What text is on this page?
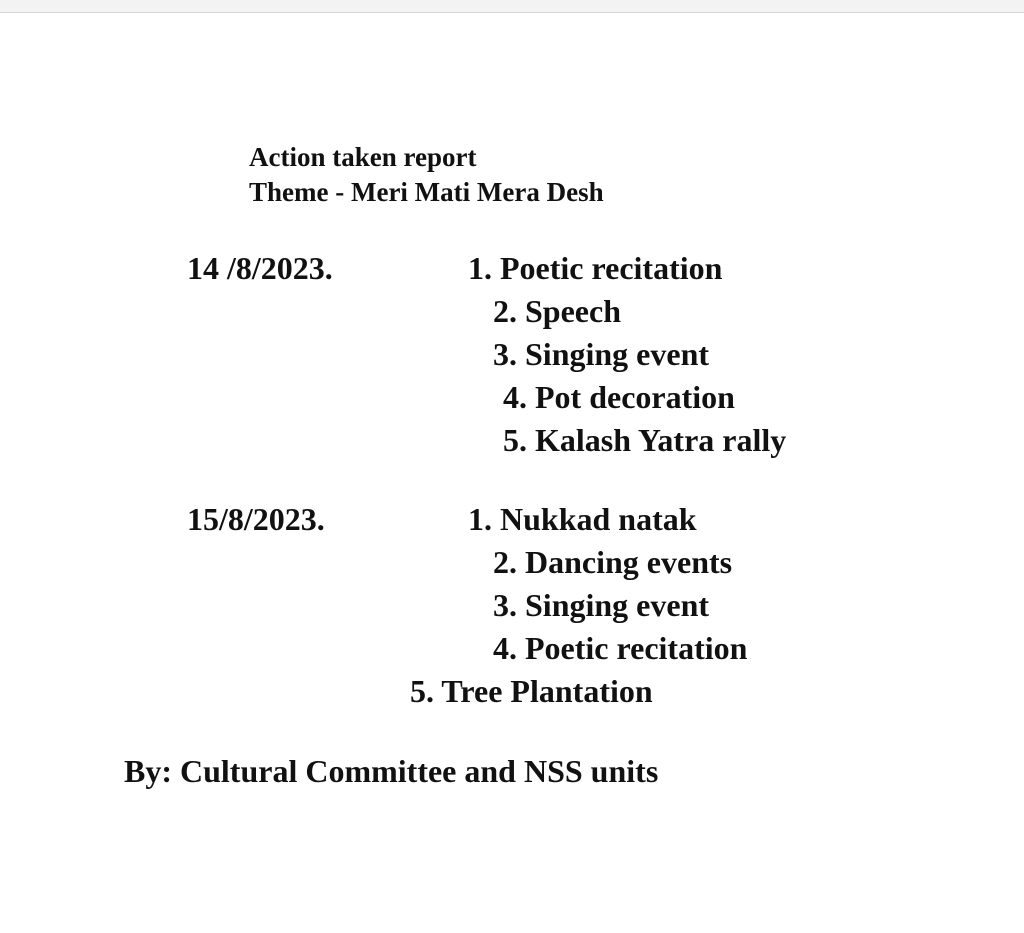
Action taken report
Theme - Meri Mati Mera Desh
14 /8/2023.	1. Poetic recitation
2. Speech
3. Singing event
4. Pot decoration
5. Kalash Yatra rally
15/8/2023.	1. Nukkad natak
2. Dancing events
3. Singing event
4. Poetic recitation
5. Tree Plantation
By: Cultural Committee and NSS units
